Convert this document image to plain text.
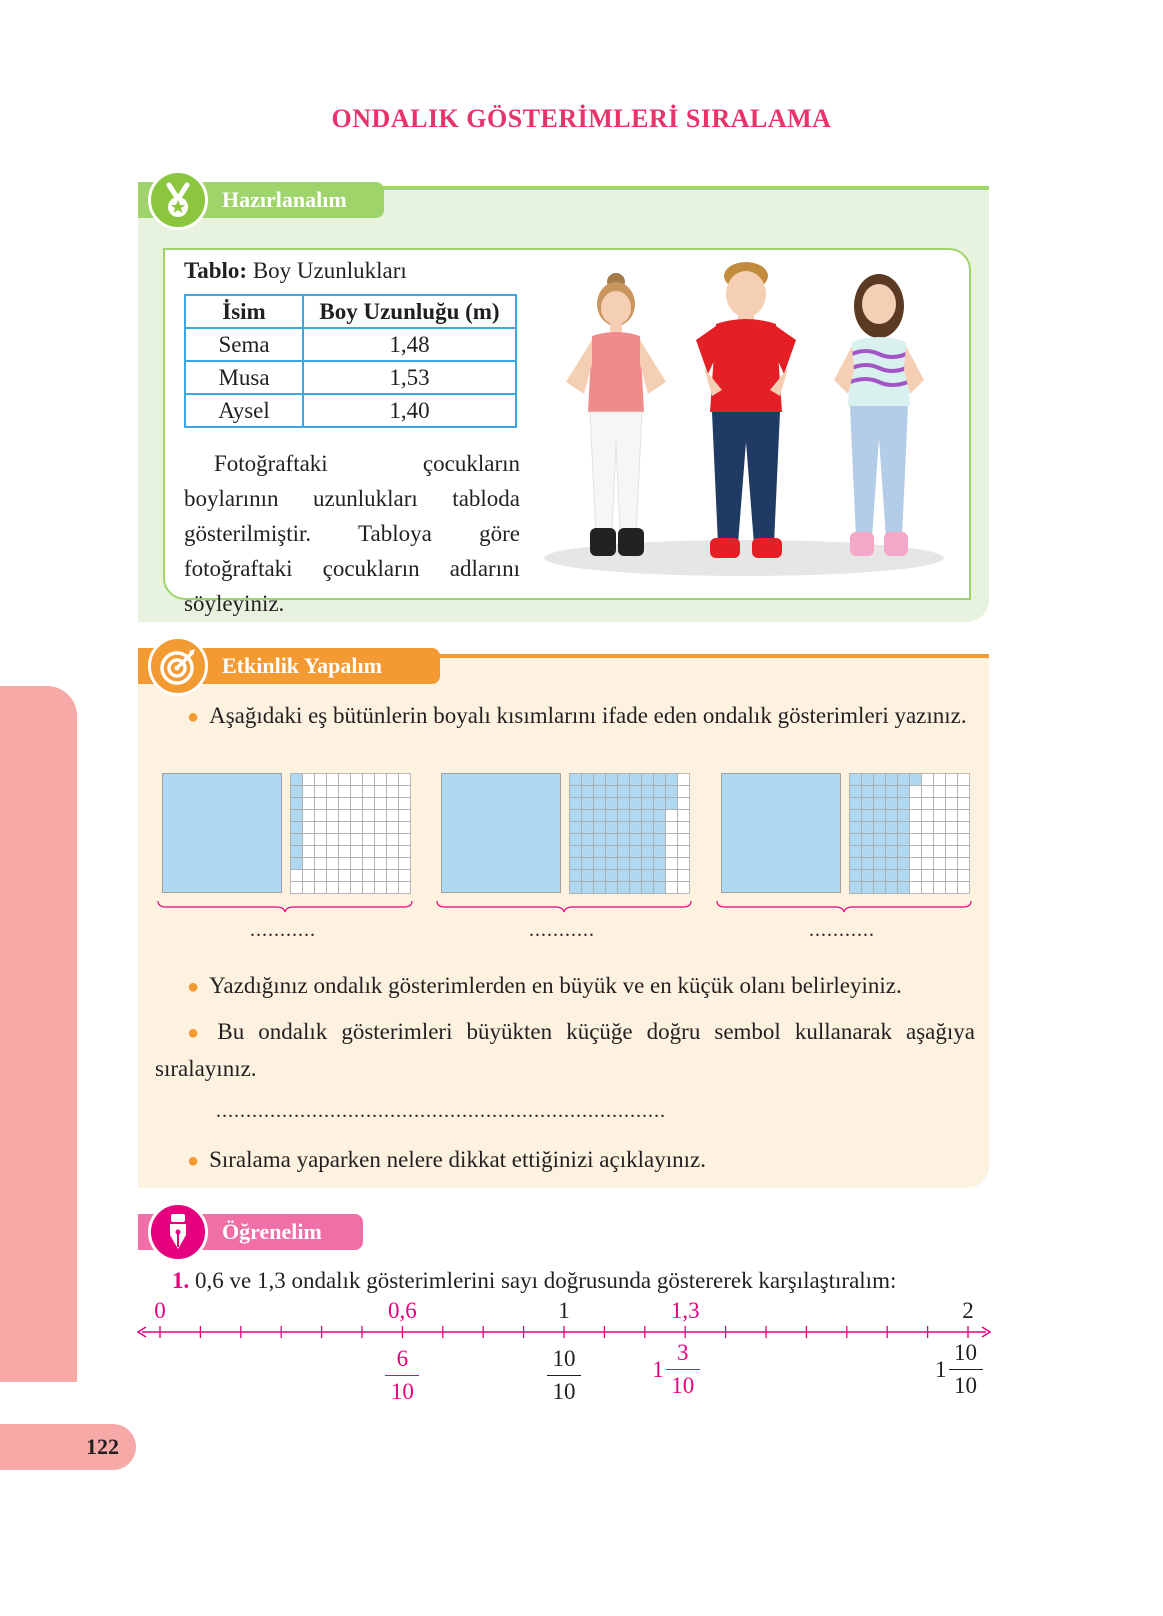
ONDALIK GÖSTERİMLERİ SIRALAMA
Hazırlanalım
Tablo: Boy Uzunlukları
İsim	Boy Uzunluğu (m)
Sema	1,48
Musa	1,53
Aysel	1,40
Fotoğraftaki çocukların boylarının uzunlukları tabloda gösterilmiştir. Tabloya göre fotoğraftaki çocukların adlarını söyleyiniz.
Etkinlik Yapalım
● Aşağıdaki eş bütünlerin boyalı kısımlarını ifade eden ondalık gösterimleri yazınız.
...........	...........	...........
● Yazdığınız ondalık gösterimlerden en büyük ve en küçük olanı belirleyiniz.
● Bu ondalık gösterimleri büyükten küçüğe doğru sembol kullanarak aşağıya sıralayınız.
...........................................................................
● Sıralama yaparken nelere dikkat ettiğinizi açıklayınız.
Öğrenelim
1. 0,6 ve 1,3 ondalık gösterimlerini sayı doğrusunda göstererek karşılaştıralım:
0	0,6	1	1,3	2
$\frac{6}{10}$	$\frac{10}{10}$	$1 \frac{3}{10}$	$1 \frac{10}{10}$
122
